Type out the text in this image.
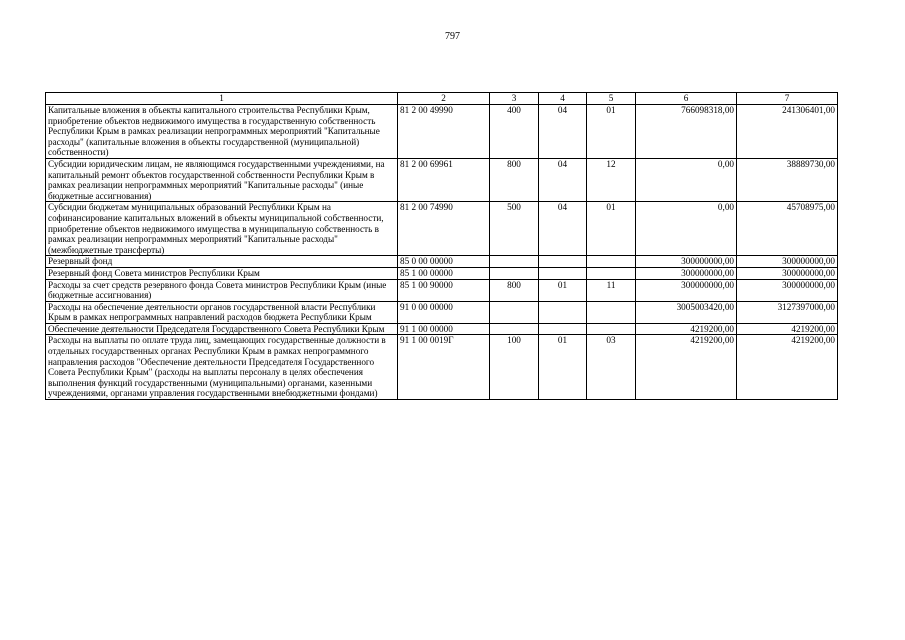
797
1	2	3	4	5	6	7
Капитальные вложения в объекты капитального строительства Республики Крым, приобретение объектов недвижимого имущества в государственную собственность Республики Крым в рамках реализации непрограммных мероприятий "Капитальные расходы" (капитальные вложения в объекты государственной (муниципальной) собственности)	81 2 00 49990	400	04	01	766098318,00	241306401,00
Субсидии юридическим лицам, не являющимся государственными учреждениями, на капитальный ремонт объектов государственной собственности Республики Крым в рамках реализации непрограммных мероприятий "Капитальные расходы" (иные бюджетные ассигнования)	81 2 00 69961	800	04	12	0,00	38889730,00
Субсидии бюджетам муниципальных образований Республики Крым на софинансирование капитальных вложений в объекты муниципальной собственности, приобретение объектов недвижимого имущества в муниципальную собственность в рамках реализации непрограммных мероприятий "Капитальные расходы" (межбюджетные трансферты)	81 2 00 74990	500	04	01	0,00	45708975,00
Резервный фонд	85 0 00 00000				300000000,00	300000000,00
Резервный фонд Совета министров Республики Крым	85 1 00 00000				300000000,00	300000000,00
Расходы за счет средств резервного фонда Совета министров Республики Крым (иные бюджетные ассигнования)	85 1 00 90000	800	01	11	300000000,00	300000000,00
Расходы на обеспечение деятельности органов государственной власти Республики Крым в рамках непрограммных направлений расходов бюджета Республики Крым	91 0 00 00000				3005003420,00	3127397000,00
Обеспечение деятельности Председателя Государственного Совета Республики Крым	91 1 00 00000				4219200,00	4219200,00
Расходы на выплаты по оплате труда лиц, замещающих государственные должности в отдельных государственных органах Республики Крым в рамках непрограммного направления расходов "Обеспечение деятельности Председателя Государственного Совета Республики Крым" (расходы на выплаты персоналу в целях обеспечения выполнения функций государственными (муниципальными) органами, казенными учреждениями, органами управления государственными внебюджетными фондами)	91 1 00 0019Г	100	01	03	4219200,00	4219200,00
